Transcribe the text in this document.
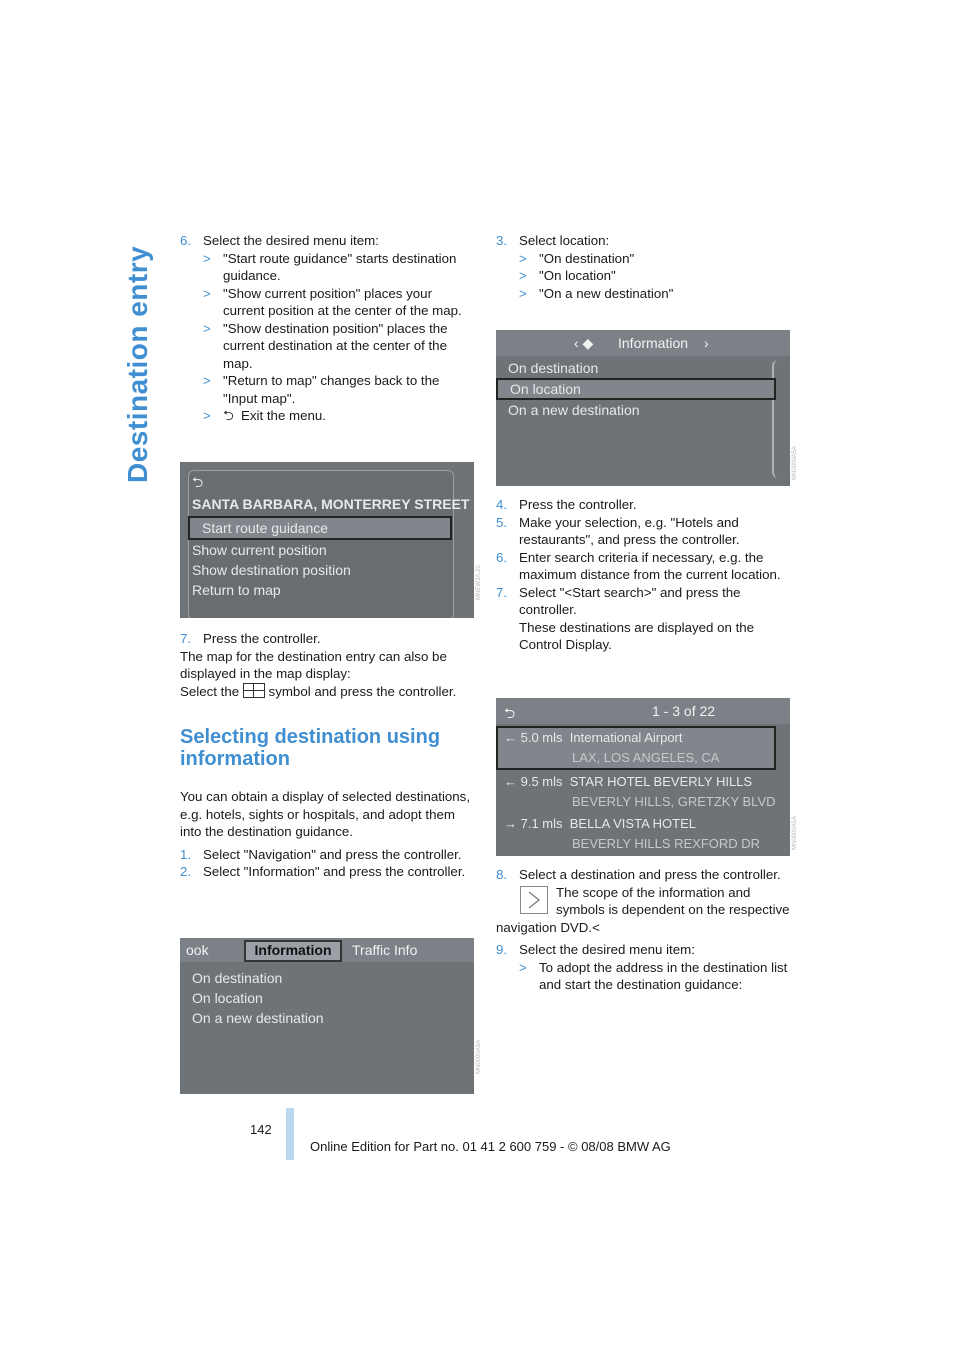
Destination entry

6. Select the desired menu item:

> "Start route guidance" starts destination guidance.

> "Show current position" places your current position at the center of the map.

> "Show destination position" places the current destination at the center of the map.

> "Return to map" changes back to the "Input map".

> ⮌ Exit the menu.

⮌
SANTA BARBARA, MONTERREY STREET
Start route guidance
Show current position
Show destination position
Return to map	MNEW3A.20

7. Press the controller.

The map for the destination entry can also be displayed in the map display:

Select the symbol and press the controller.

Selecting destination using information

You can obtain a display of selected destinations, e.g. hotels, sights or hospitals, and adopt them into the destination guidance.

1. Select "Navigation" and press the controller.

2. Select "Information" and press the controller.

ook	Information	Traffic Info
On destination
On location
On a new destination
MN0000A5A

3. Select location:

> "On destination"

> "On location"

> "On a new destination"

‹ ◆ Information ›
On destination
On location
On a new destination
MN0000A5A

4. Press the controller.

5. Make your selection, e.g. "Hotels and restaurants", and press the controller.

6. Enter search criteria if necessary, e.g. the maximum distance from the current location.

7. Select "<Start search>" and press the controller.

These destinations are displayed on the Control Display.

⮌	1 - 3 of 22
← 5.0 mls International Airport
LAX, LOS ANGELES, CA
← 9.5 mls STAR HOTEL BEVERLY HILLS
BEVERLY HILLS, GRETZKY BLVD
→ 7.1 mls BELLA VISTA HOTEL
BEVERLY HILLS REXFORD DR	MN0000A5A

8. Select a destination and press the controller.

The scope of the information and symbols is dependent on the respective navigation DVD.<

9. Select the desired menu item:

> To adopt the address in the destination list and start the destination guidance:

142
Online Edition for Part no. 01 41 2 600 759 - © 08/08 BMW AG
